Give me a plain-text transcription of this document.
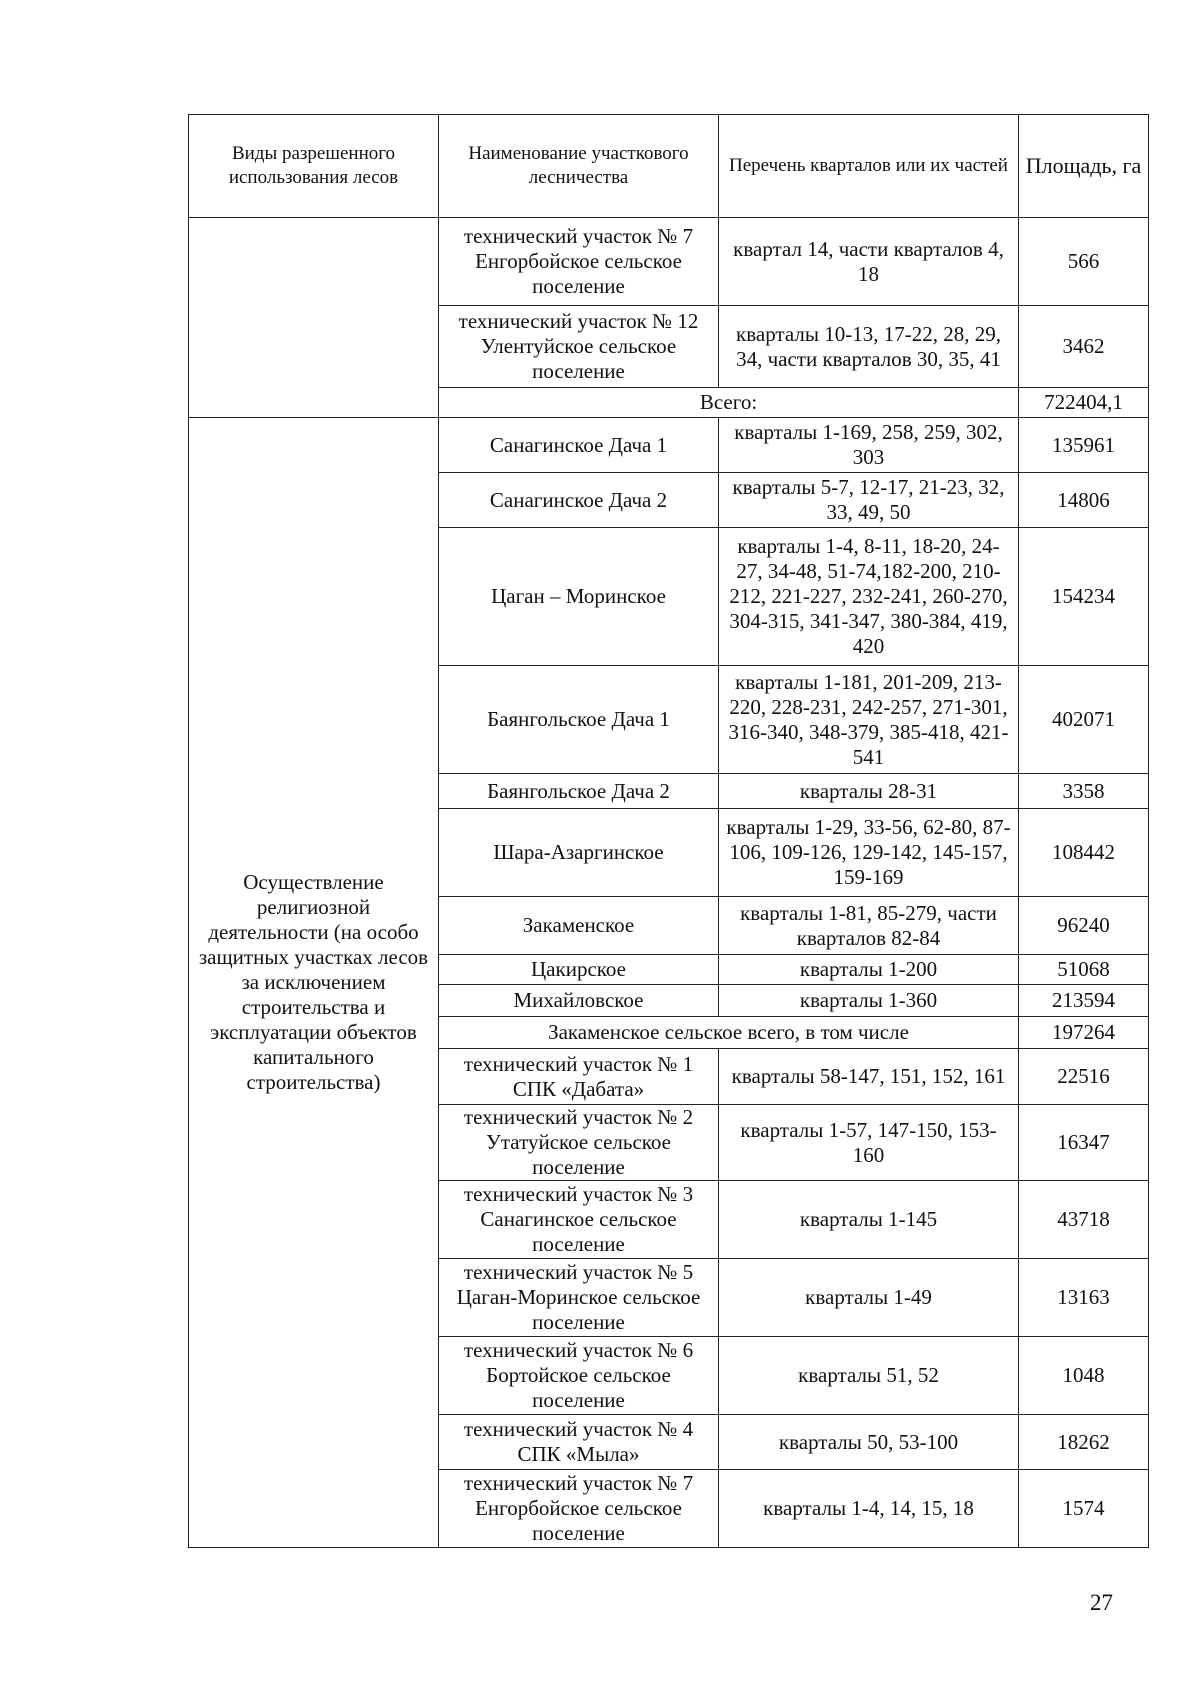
Виды разрешенного использования лесов	Наименование участкового лесничества	Перечень кварталов или их частей	Площадь, га
	технический участок № 7 Енгорбойское сельское поселение	квартал 14, части кварталов 4, 18	566
	технический участок № 12 Улентуйское сельское поселение	кварталы 10-13, 17-22, 28, 29, 34, части кварталов 30, 35, 41	3462
	Всего:		722404,1
Осуществление религиозной деятельности (на особо защитных участках лесов за исключением строительства и эксплуатации объектов капитального строительства)	Санагинское Дача 1	кварталы 1-169, 258, 259, 302, 303	135961
	Санагинское Дача 2	кварталы 5-7, 12-17, 21-23, 32, 33, 49, 50	14806
	Цаган – Моринское	кварталы 1-4, 8-11, 18-20, 24-27, 34-48, 51-74,182-200, 210-212, 221-227, 232-241, 260-270, 304-315, 341-347, 380-384, 419, 420	154234
	Баянгольское Дача 1	кварталы 1-181, 201-209, 213-220, 228-231, 242-257, 271-301, 316-340, 348-379, 385-418, 421-541	402071
	Баянгольское Дача 2	кварталы 28-31	3358
	Шара-Азаргинское	кварталы 1-29, 33-56, 62-80, 87-106, 109-126, 129-142, 145-157, 159-169	108442
	Закаменское	кварталы 1-81, 85-279, части кварталов 82-84	96240
	Цакирское	кварталы 1-200	51068
	Михайловское	кварталы 1-360	213594
	Закаменское сельское всего, в том числе		197264
	технический участок № 1 СПК «Дабата»	кварталы 58-147, 151, 152, 161	22516
	технический участок № 2 Утатуйское сельское поселение	кварталы 1-57, 147-150, 153-160	16347
	технический участок № 3 Санагинское сельское поселение	кварталы 1-145	43718
	технический участок № 5 Цаган-Моринское сельское поселение	кварталы 1-49	13163
	технический участок № 6 Бортойское сельское поселение	кварталы 51, 52	1048
	технический участок № 4 СПК «Мыла»	кварталы 50, 53-100	18262
	технический участок № 7 Енгорбойское сельское поселение	кварталы 1-4, 14, 15, 18	1574
27
